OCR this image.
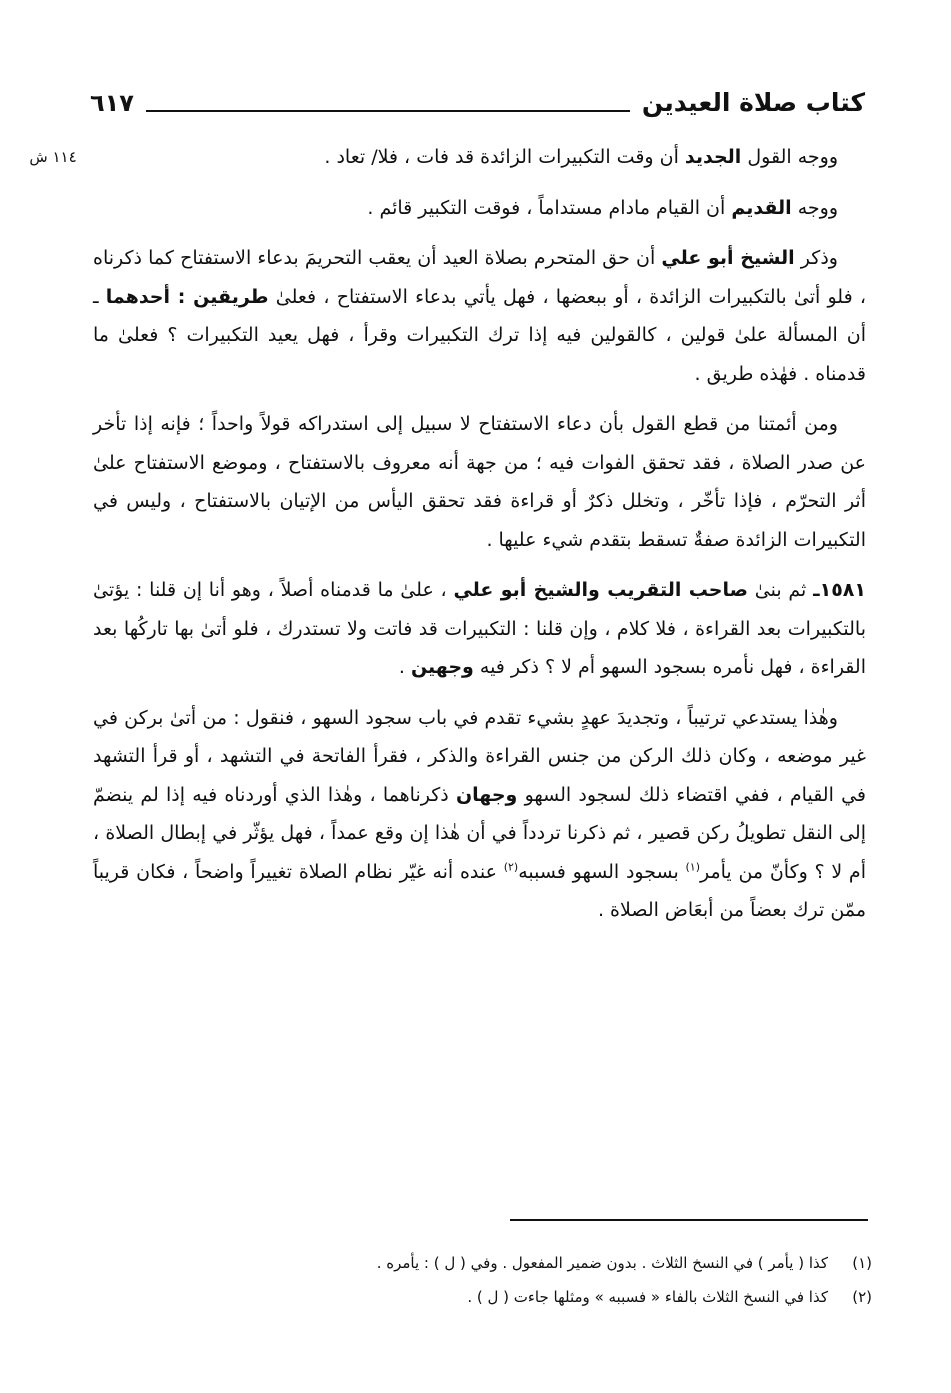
كتاب صلاة العيدين
٦١٧
١١٤ ش	ووجه القول الجديد أن وقت التكبيرات الزائدة قد فات ، فلا/ تعاد .

ووجه القديم أن القيام مادام مستداماً ، فوقت التكبير قائم .

وذكر الشيخ أبو علي أن حق المتحرم بصلاة العيد أن يعقب التحريمَ بدعاء الاستفتاح كما ذكرناه ، فلو أتىٰ بالتكبيرات الزائدة ، أو ببعضها ، فهل يأتي بدعاء الاستفتاح ، فعلىٰ طريقين : أحدهما ـ أن المسألة علىٰ قولين ، كالقولين فيه إذا ترك التكبيرات وقرأ ، فهل يعيد التكبيرات ؟ فعلىٰ ما قدمناه . فهٰذه طريق .

ومن أئمتنا من قطع القول بأن دعاء الاستفتاح لا سبيل إلى استدراكه قولاً واحداً ؛ فإنه إذا تأخر عن صدر الصلاة ، فقد تحقق الفوات فيه ؛ من جهة أنه معروف بالاستفتاح ، وموضع الاستفتاح علىٰ أثر التحرّم ، فإذا تأخّر ، وتخلل ذكرٌ أو قراءة فقد تحقق اليأس من الإتيان بالاستفتاح ، وليس في التكبيرات الزائدة صفةٌ تسقط بتقدم شيء عليها .

١٥٨١ـ ثم بنىٰ صاحب التقريب والشيخ أبو علي ، علىٰ ما قدمناه أصلاً ، وهو أنا إن قلنا : يؤتىٰ بالتكبيرات بعد القراءة ، فلا كلام ، وإن قلنا : التكبيرات قد فاتت ولا تستدرك ، فلو أتىٰ بها تاركُها بعد القراءة ، فهل نأمره بسجود السهو أم لا ؟ ذكر فيه وجهين .

وهٰذا يستدعي ترتيباً ، وتجديدَ عهدٍ بشيء تقدم في باب سجود السهو ، فنقول : من أتىٰ بركن في غير موضعه ، وكان ذلك الركن من جنس القراءة والذكر ، فقرأ الفاتحة في التشهد ، أو قرأ التشهد في القيام ، ففي اقتضاء ذلك لسجود السهو وجهان ذكرناهما ، وهٰذا الذي أوردناه فيه إذا لم ينضمّ إلى النقل تطويلُ ركن قصير ، ثم ذكرنا تردداً في أن هٰذا إن وقع عمداً ، فهل يؤثّر في إبطال الصلاة ، أم لا ؟ وكأنّ من يأمر$^{(١)}$ بسجود السهو فسببه$^{(٢)}$ عنده أنه غيّر نظام الصلاة تغييراً واضحاً ، فكان قريباً ممّن ترك بعضاً من أبعَاض الصلاة .

(١)
كذا ( يأمر ) في النسخ الثلاث . بدون ضمير المفعول . وفي ( ل ) : يأمره .
(٢)
كذا في النسخ الثلاث بالفاء « فسببه » ومثلها جاءت ( ل ) .
